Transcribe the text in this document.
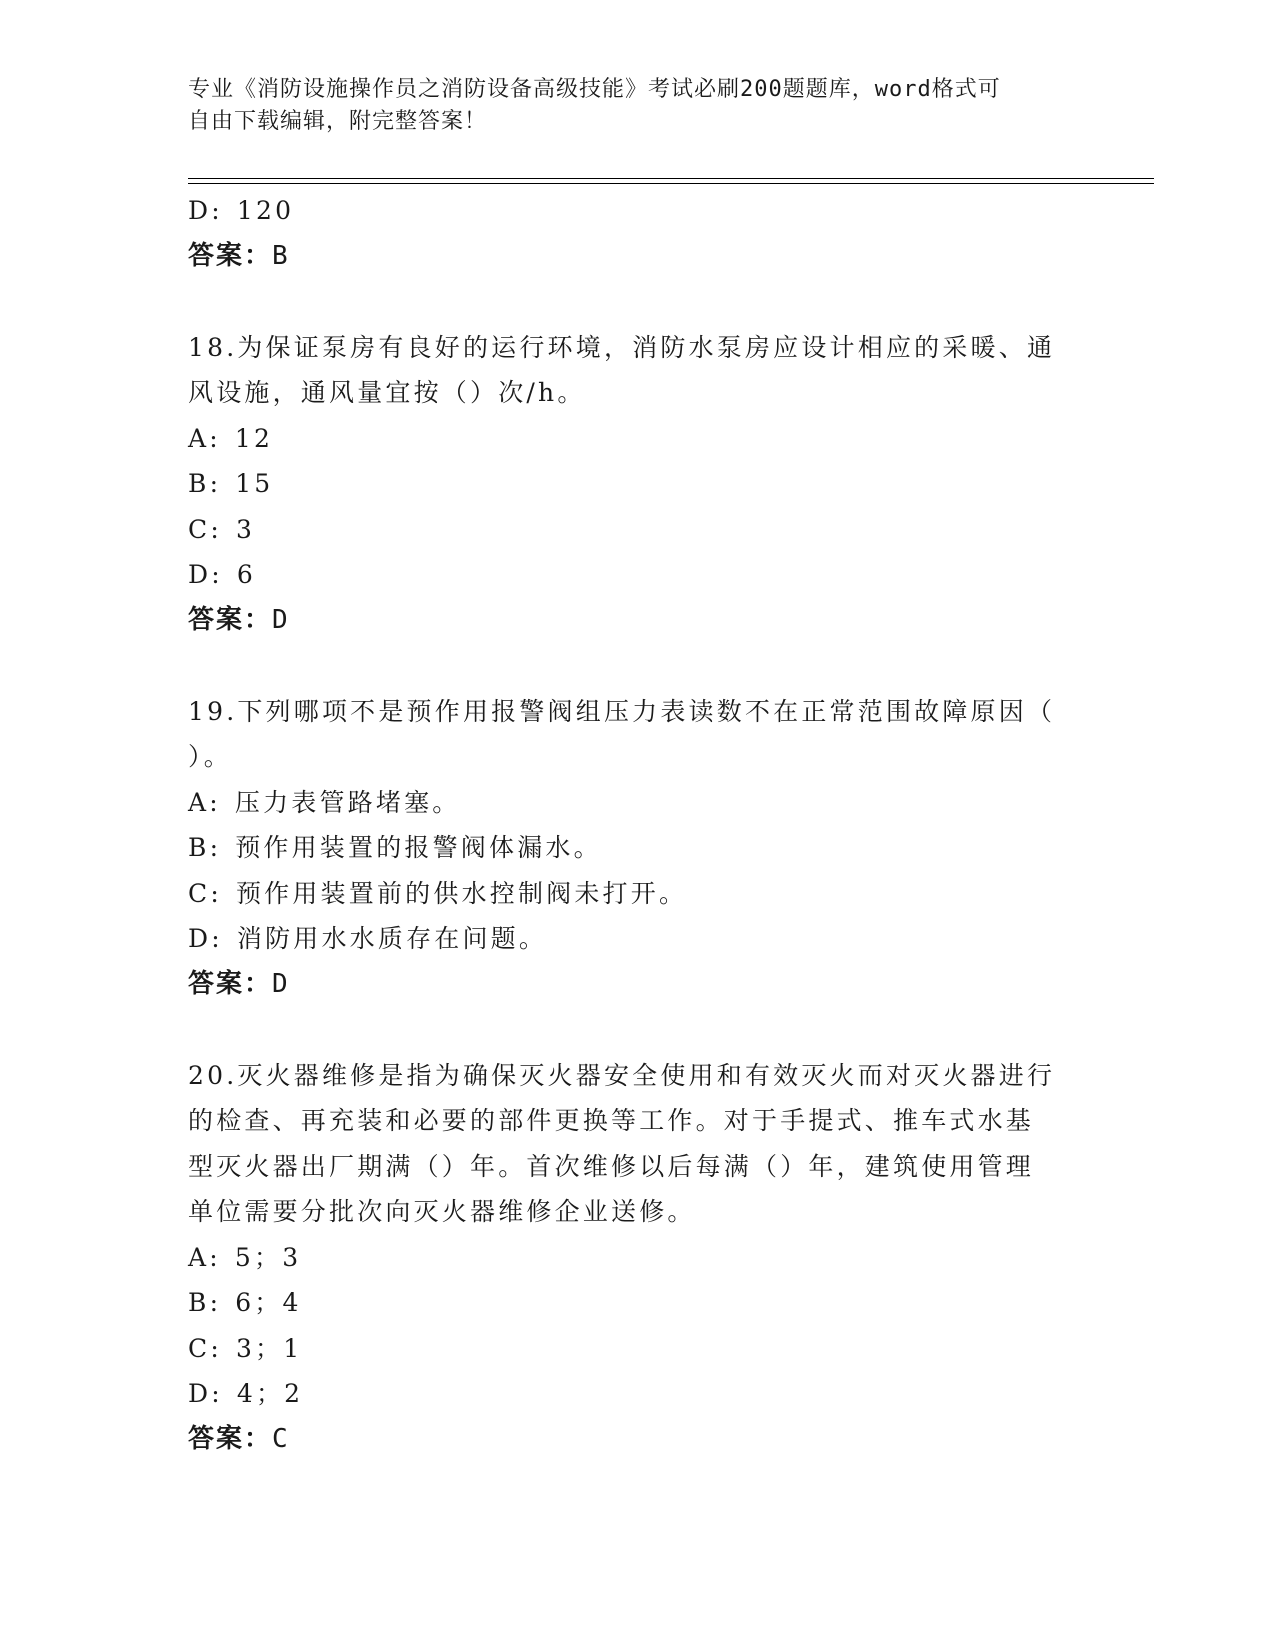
专业《消防设施操作员之消防设备高级技能》考试必刷200题题库，word格式可
自由下载编辑，附完整答案！
D: 120
答案：B
18.为保证泵房有良好的运行环境，消防水泵房应设计相应的采暖、通
风设施，通风量宜按（）次/h。
A: 12
B: 15
C: 3
D: 6
答案：D
19.下列哪项不是预作用报警阀组压力表读数不在正常范围故障原因（
）。
A: 压力表管路堵塞。
B: 预作用装置的报警阀体漏水。
C: 预作用装置前的供水控制阀未打开。
D: 消防用水水质存在问题。
答案：D
20.灭火器维修是指为确保灭火器安全使用和有效灭火而对灭火器进行
的检查、再充装和必要的部件更换等工作。对于手提式、推车式水基
型灭火器出厂期满（）年。首次维修以后每满（）年，建筑使用管理
单位需要分批次向灭火器维修企业送修。
A: 5；3
B: 6；4
C: 3；1
D: 4；2
答案：C
